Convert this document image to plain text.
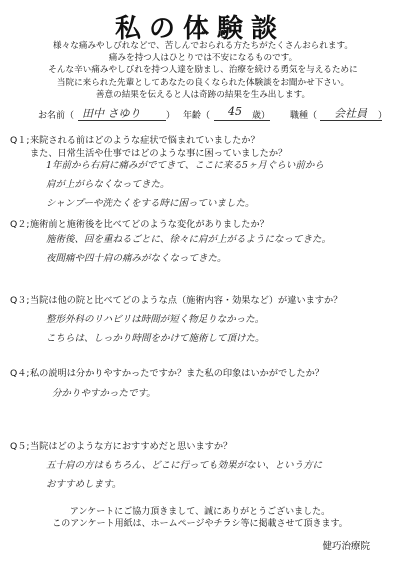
私の体験談
様々な痛みやしびれなどで、苦しんでおられる方たちがたくさんおられます。
痛みを持つ人はひとりでは不安になるものです。
そんな辛い痛みやしびれを持つ人達を励まし、治療を続ける勇気を与えるために
当院に来られた先輩としてあなたの良くなられた体験談をお聞かせ下さい。
善意の結果を伝えると人は奇跡の結果を生み出します。
お名前（ 田中 さゆり	） 年齢（ 45 歳） 職種（ 会社員 ）
Q１; 来院される前はどのような症状で悩まれていましたか？
また、日常生活や仕事ではどのような事に困っていましたか？
1年前から右肩に痛みがでてきて、ここに来る5ヶ月ぐらい前から
肩が上がらなくなってきた。
シャンプーや洗たくをする時に困っていました。
Q２; 施術前と施術後を比べてどのような変化がありましたか？
施術後、回を重ねるごとに、徐々に肩が上がるようになってきた。
夜間痛や四十肩の痛みがなくなってきた。
Q３; 当院は他の院と比べてどのような点（施術内容・効果など）が違いますか？
整形外科のリハビリは時間が短く物足りなかった。
こちらは、しっかり時間をかけて施術して頂けた。
Q４; 私の説明は分かりやすかったですか？また私の印象はいかがでしたか？
分かりやすかったです。
Q５; 当院はどのような方におすすめだと思いますか？
五十肩の方はもちろん、どこに行っても効果がない、という方に
おすすめします。
アンケートにご協力頂きまして、誠にありがとうございました。
このアンケート用紙は、ホームページやチラシ等に掲載させて頂きます。
健巧治療院
